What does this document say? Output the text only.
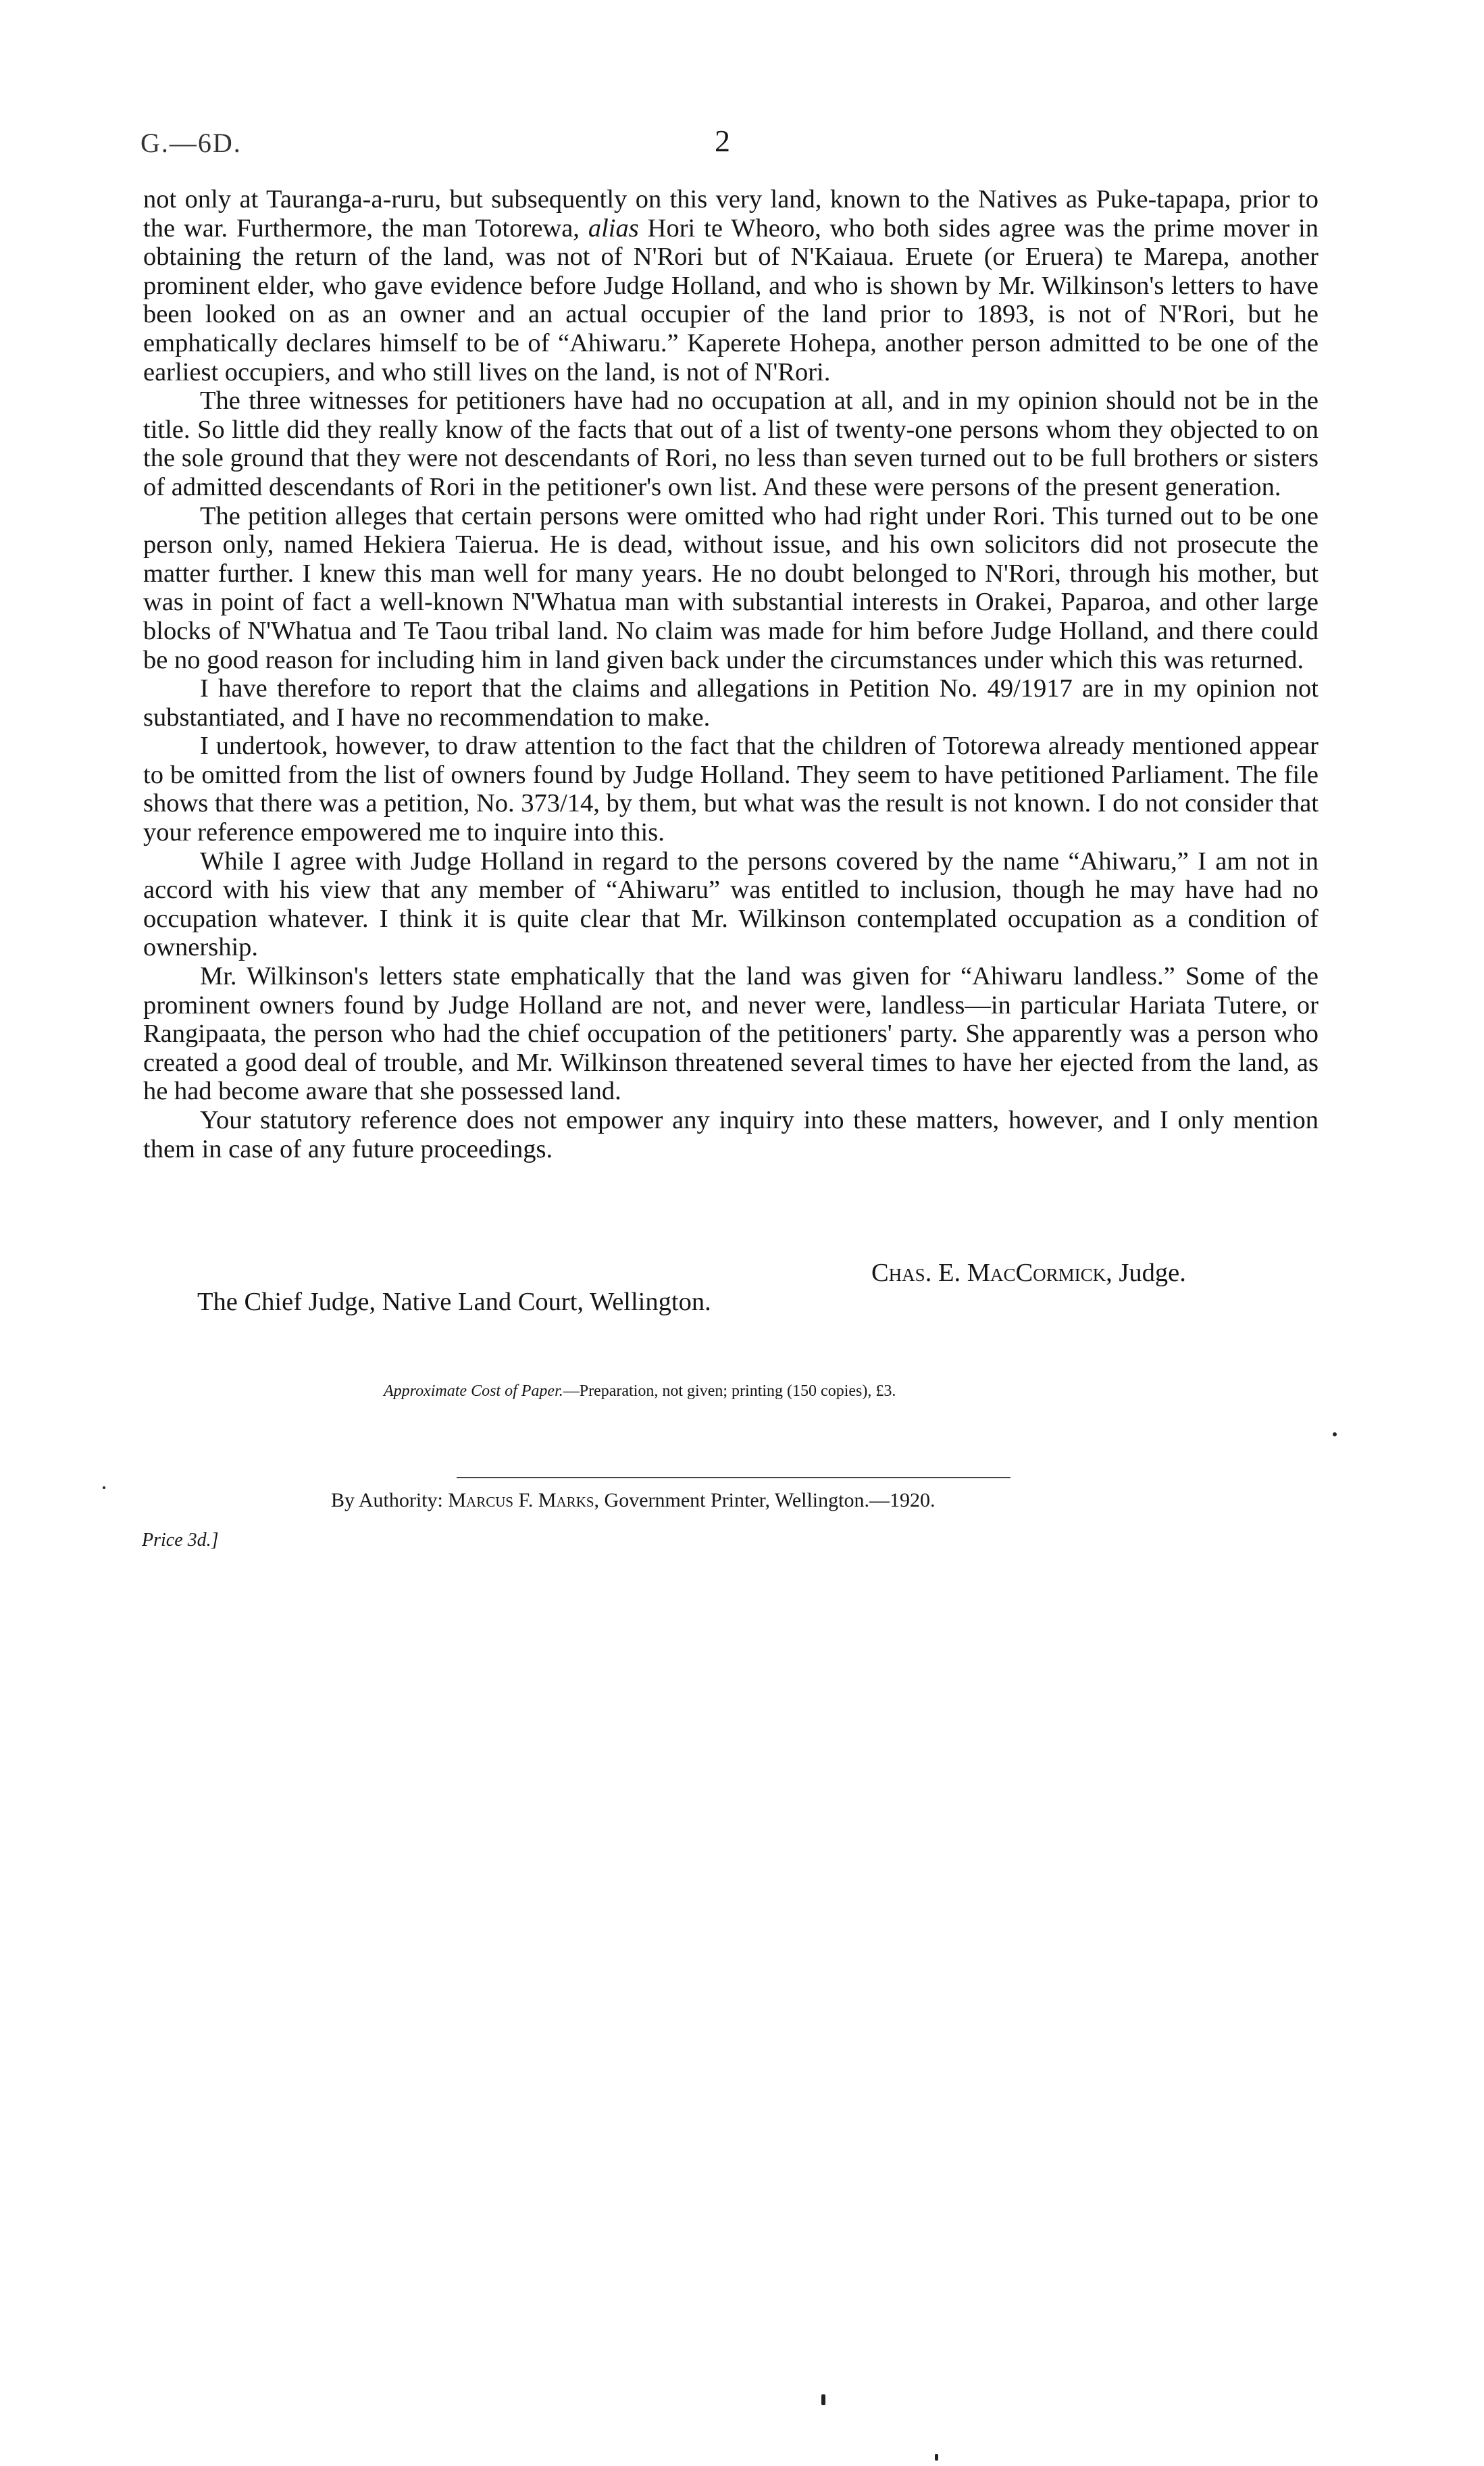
G.—6D.	2

not only at Tauranga-a-ruru, but subsequently on this very land, known to the Natives as Puke-tapapa, prior to the war. Furthermore, the man Totorewa, alias Hori te Wheoro, who both sides agree was the prime mover in obtaining the return of the land, was not of N'Rori but of N'Kaiaua. Eruete (or Eruera) te Marepa, another prominent elder, who gave evidence before Judge Holland, and who is shown by Mr. Wilkinson's letters to have been looked on as an owner and an actual occupier of the land prior to 1893, is not of N'Rori, but he emphatically declares himself to be of “Ahiwaru.” Kaperete Hohepa, another person admitted to be one of the earliest occupiers, and who still lives on the land, is not of N'Rori.

The three witnesses for petitioners have had no occupation at all, and in my opinion should not be in the title. So little did they really know of the facts that out of a list of twenty-one persons whom they objected to on the sole ground that they were not descendants of Rori, no less than seven turned out to be full brothers or sisters of admitted descendants of Rori in the petitioner's own list. And these were persons of the present generation.

The petition alleges that certain persons were omitted who had right under Rori. This turned out to be one person only, named Hekiera Taierua. He is dead, without issue, and his own solicitors did not prosecute the matter further. I knew this man well for many years. He no doubt belonged to N'Rori, through his mother, but was in point of fact a well-known N'Whatua man with substantial interests in Orakei, Paparoa, and other large blocks of N'Whatua and Te Taou tribal land. No claim was made for him before Judge Holland, and there could be no good reason for including him in land given back under the circumstances under which this was returned.

I have therefore to report that the claims and allegations in Petition No. 49/1917 are in my opinion not substantiated, and I have no recommendation to make.

I undertook, however, to draw attention to the fact that the children of Totorewa already mentioned appear to be omitted from the list of owners found by Judge Holland. They seem to have petitioned Parliament. The file shows that there was a petition, No. 373/14, by them, but what was the result is not known. I do not consider that your reference empowered me to inquire into this.

While I agree with Judge Holland in regard to the persons covered by the name “Ahiwaru,” I am not in accord with his view that any member of “Ahiwaru” was entitled to inclusion, though he may have had no occupation whatever. I think it is quite clear that Mr. Wilkinson contemplated occupation as a condition of ownership.

Mr. Wilkinson's letters state emphatically that the land was given for “Ahiwaru landless.” Some of the prominent owners found by Judge Holland are not, and never were, landless—in particular Hariata Tutere, or Rangipaata, the person who had the chief occupation of the petitioners' party. She apparently was a person who created a good deal of trouble, and Mr. Wilkinson threatened several times to have her ejected from the land, as he had become aware that she possessed land.

Your statutory reference does not empower any inquiry into these matters, however, and I only mention them in case of any future proceedings.

Chas. E. MacCormick, Judge.
The Chief Judge, Native Land Court, Wellington.
Approximate Cost of Paper.—Preparation, not given; printing (150 copies), £3.
By Authority: Marcus F. Marks, Government Printer, Wellington.—1920.
Price 3d.]
